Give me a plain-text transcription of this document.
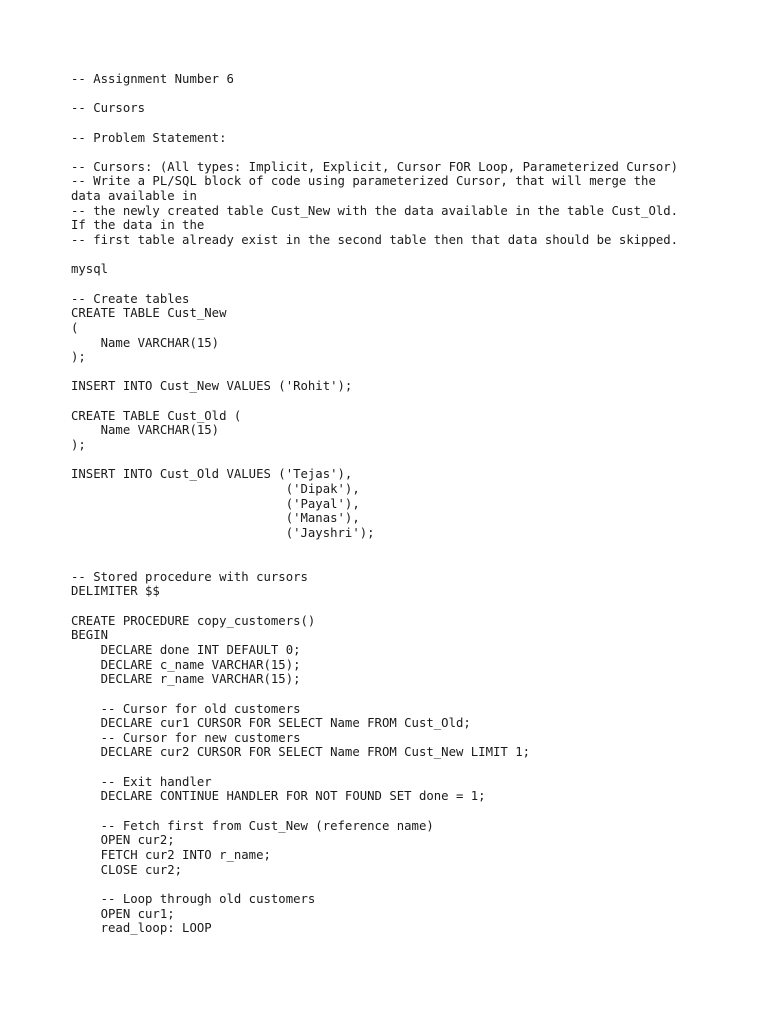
-- Assignment Number 6
-- Cursors
-- Problem Statement:
-- Cursors: (All types: Implicit, Explicit, Cursor FOR Loop, Parameterized Cursor)
-- Write a PL/SQL block of code using parameterized Cursor, that will merge the
data available in
-- the newly created table Cust_New with the data available in the table Cust_Old.
If the data in the
-- first table already exist in the second table then that data should be skipped.
mysql
-- Create tables
CREATE TABLE Cust_New
(
Name VARCHAR(15)
);
INSERT INTO Cust_New VALUES ('Rohit');
CREATE TABLE Cust_Old (
Name VARCHAR(15)
);
INSERT INTO Cust_Old VALUES ('Tejas'),
('Dipak'),
('Payal'),
('Manas'),
('Jayshri');
-- Stored procedure with cursors
DELIMITER $$
CREATE PROCEDURE copy_customers()
BEGIN
DECLARE done INT DEFAULT 0;
DECLARE c_name VARCHAR(15);
DECLARE r_name VARCHAR(15);
-- Cursor for old customers
DECLARE cur1 CURSOR FOR SELECT Name FROM Cust_Old;
-- Cursor for new customers
DECLARE cur2 CURSOR FOR SELECT Name FROM Cust_New LIMIT 1;
-- Exit handler
DECLARE CONTINUE HANDLER FOR NOT FOUND SET done = 1;
-- Fetch first from Cust_New (reference name)
OPEN cur2;
FETCH cur2 INTO r_name;
CLOSE cur2;
-- Loop through old customers
OPEN cur1;
read_loop: LOOP
